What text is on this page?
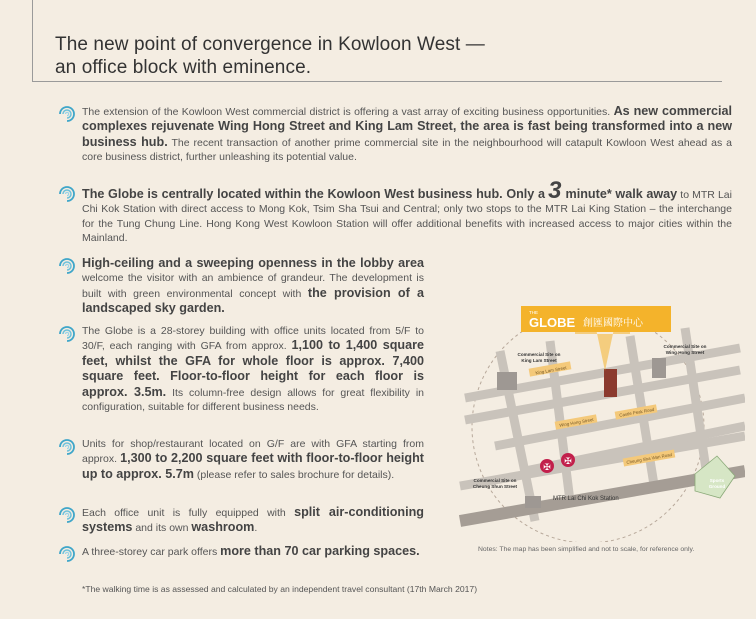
The new point of convergence in Kowloon West —
an office block with eminence.

The extension of the Kowloon West commercial district is offering a vast array of exciting business opportunities. As new commercial complexes rejuvenate Wing Hong Street and King Lam Street, the area is fast being transformed into a new business hub. The recent transaction of another prime commercial site in the neighbourhood will catapult Kowloon West ahead as a core business district, further unleashing its potential value.

The Globe is centrally located within the Kowloon West business hub. Only a 3 minute* walk away to MTR Lai Chi Kok Station with direct access to Mong Kok, Tsim Sha Tsui and Central; only two stops to the MTR Lai King Station – the interchange for the Tung Chung Line. Hong Kong West Kowloon Station will offer additional benefits with increased access to major cities within the Mainland.

High-ceiling and a sweeping openness in the lobby area welcome the visitor with an ambience of grandeur. The development is built with green environmental concept with the provision of a landscaped sky garden.

The Globe is a 28-storey building with office units located from 5/F to 30/F, each ranging with GFA from approx. 1,100 to 1,400 square feet, whilst the GFA for whole floor is approx. 7,400 square feet. Floor-to-floor height for each floor is approx. 3.5m. Its column-free design allows for great flexibility in configuration, suitable for different business needs.

Units for shop/restaurant located on G/F are with GFA starting from approx. 1,300 to 2,200 square feet with floor-to-floor height up to approx. 5.7m (please refer to sales brochure for details).

Each office unit is fully equipped with split air-conditioning systems and its own washroom.

A three-storey car park offers more than 70 car parking spaces.

*The walking time is as assessed and calculated by an independent travel consultant (17th March 2017)

THE
GLOBE 創匯國際中心
King Lam Street
Wing Hong Street
Castle Peak Road
Cheung Sha Wan Road
Commercial Site on
King Lam Street
Commercial Site on
Wing Hong Street
Commercial Site on
Cheung Shun Street
Sports
Ground
✠
✠
MTR Lai Chi Kok Station

Notes: The map has been simplified and not to scale, for reference only.
